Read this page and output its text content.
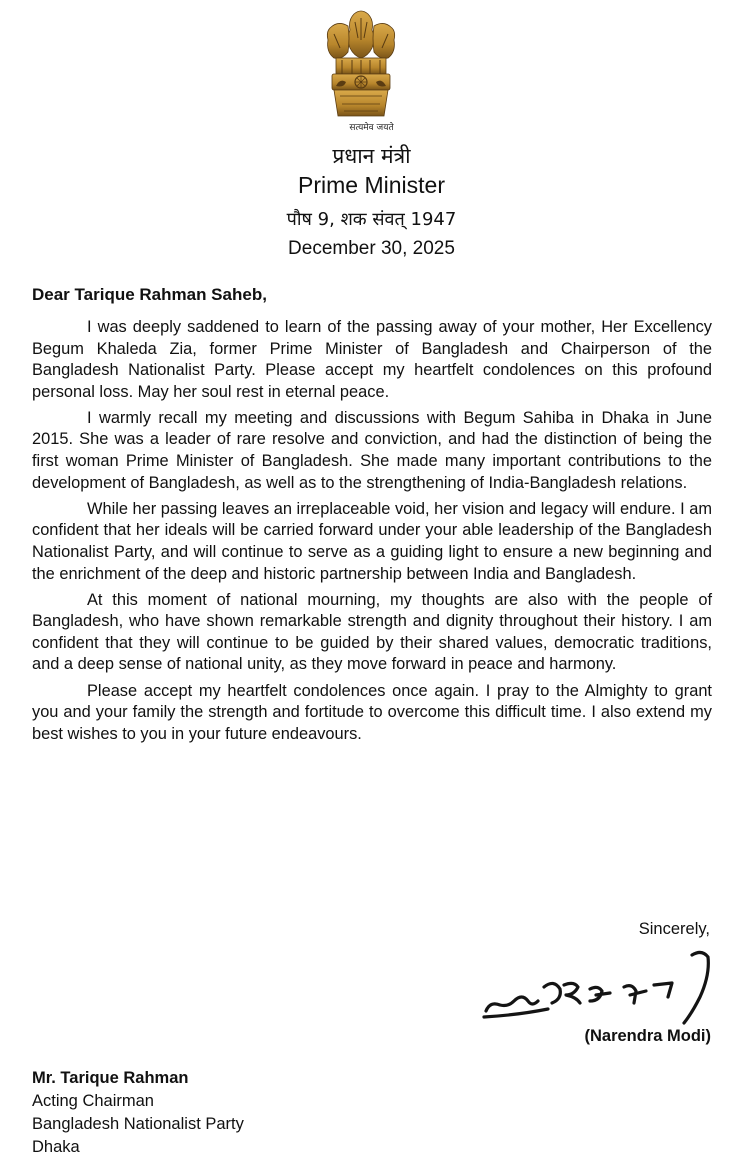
सत्यमेव जयते
प्रधान मंत्री
Prime Minister
पौष 9, शक संवत् 1947
December 30, 2025
Dear Tarique Rahman Saheb,

I was deeply saddened to learn of the passing away of your mother, Her Excellency Begum Khaleda Zia, former Prime Minister of Bangladesh and Chairperson of the Bangladesh Nationalist Party. Please accept my heartfelt condolences on this profound personal loss. May her soul rest in eternal peace.

I warmly recall my meeting and discussions with Begum Sahiba in Dhaka in June 2015. She was a leader of rare resolve and conviction, and had the distinction of being the first woman Prime Minister of Bangladesh. She made many important contributions to the development of Bangladesh, as well as to the strengthening of India-Bangladesh relations.

While her passing leaves an irreplaceable void, her vision and legacy will endure. I am confident that her ideals will be carried forward under your able leadership of the Bangladesh Nationalist Party, and will continue to serve as a guiding light to ensure a new beginning and the enrichment of the deep and historic partnership between India and Bangladesh.

At this moment of national mourning, my thoughts are also with the people of Bangladesh, who have shown remarkable strength and dignity throughout their history. I am confident that they will continue to be guided by their shared values, democratic traditions, and a deep sense of national unity, as they move forward in peace and harmony.

Please accept my heartfelt condolences once again. I pray to the Almighty to grant you and your family the strength and fortitude to overcome this difficult time. I also extend my best wishes to you in your future endeavours.

Sincerely,
(Narendra Modi)
Mr. Tarique Rahman
Acting Chairman
Bangladesh Nationalist Party
Dhaka
